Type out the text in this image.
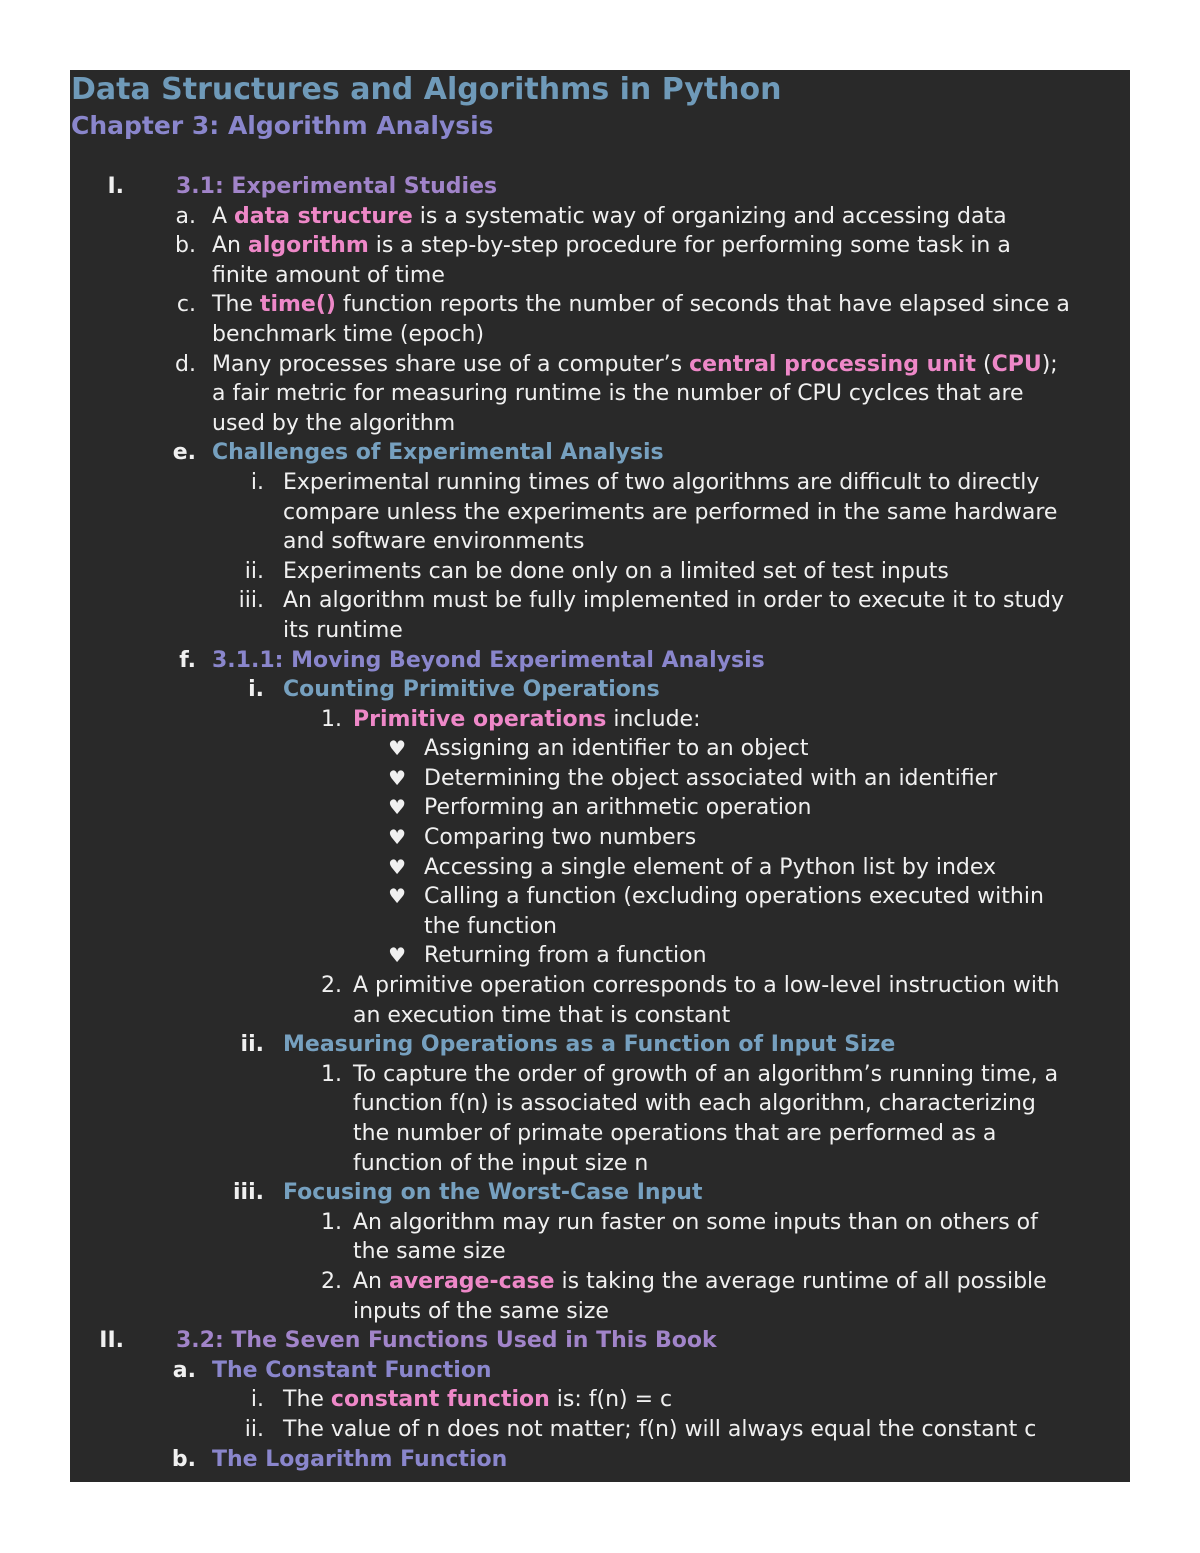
Data Structures and Algorithms in Python
Chapter 3: Algorithm Analysis
I. 3.1: Experimental Studies
a. A data structure is a systematic way of organizing and accessing data
b. An algorithm is a step-by-step procedure for performing some task in a
finite amount of time
c. The time() function reports the number of seconds that have elapsed since a
benchmark time (epoch)
d. Many processes share use of a computer’s central processing unit (CPU);
a fair metric for measuring runtime is the number of CPU cyclces that are
used by the algorithm
e. Challenges of Experimental Analysis
i. Experimental running times of two algorithms are difficult to directly
compare unless the experiments are performed in the same hardware
and software environments
ii. Experiments can be done only on a limited set of test inputs
iii. An algorithm must be fully implemented in order to execute it to study
its runtime
f. 3.1.1: Moving Beyond Experimental Analysis
i. Counting Primitive Operations
1. Primitive operations include:
♥ Assigning an identifier to an object
♥ Determining the object associated with an identifier
♥ Performing an arithmetic operation
♥ Comparing two numbers
♥ Accessing a single element of a Python list by index
♥ Calling a function (excluding operations executed within
the function
♥ Returning from a function
2. A primitive operation corresponds to a low-level instruction with
an execution time that is constant
ii. Measuring Operations as a Function of Input Size
1. To capture the order of growth of an algorithm’s running time, a
function f(n) is associated with each algorithm, characterizing
the number of primate operations that are performed as a
function of the input size n
iii. Focusing on the Worst-Case Input
1. An algorithm may run faster on some inputs than on others of
the same size
2. An average-case is taking the average runtime of all possible
inputs of the same size
II. 3.2: The Seven Functions Used in This Book
a. The Constant Function
i. The constant function is: f(n) = c
ii. The value of n does not matter; f(n) will always equal the constant c
b. The Logarithm Function
